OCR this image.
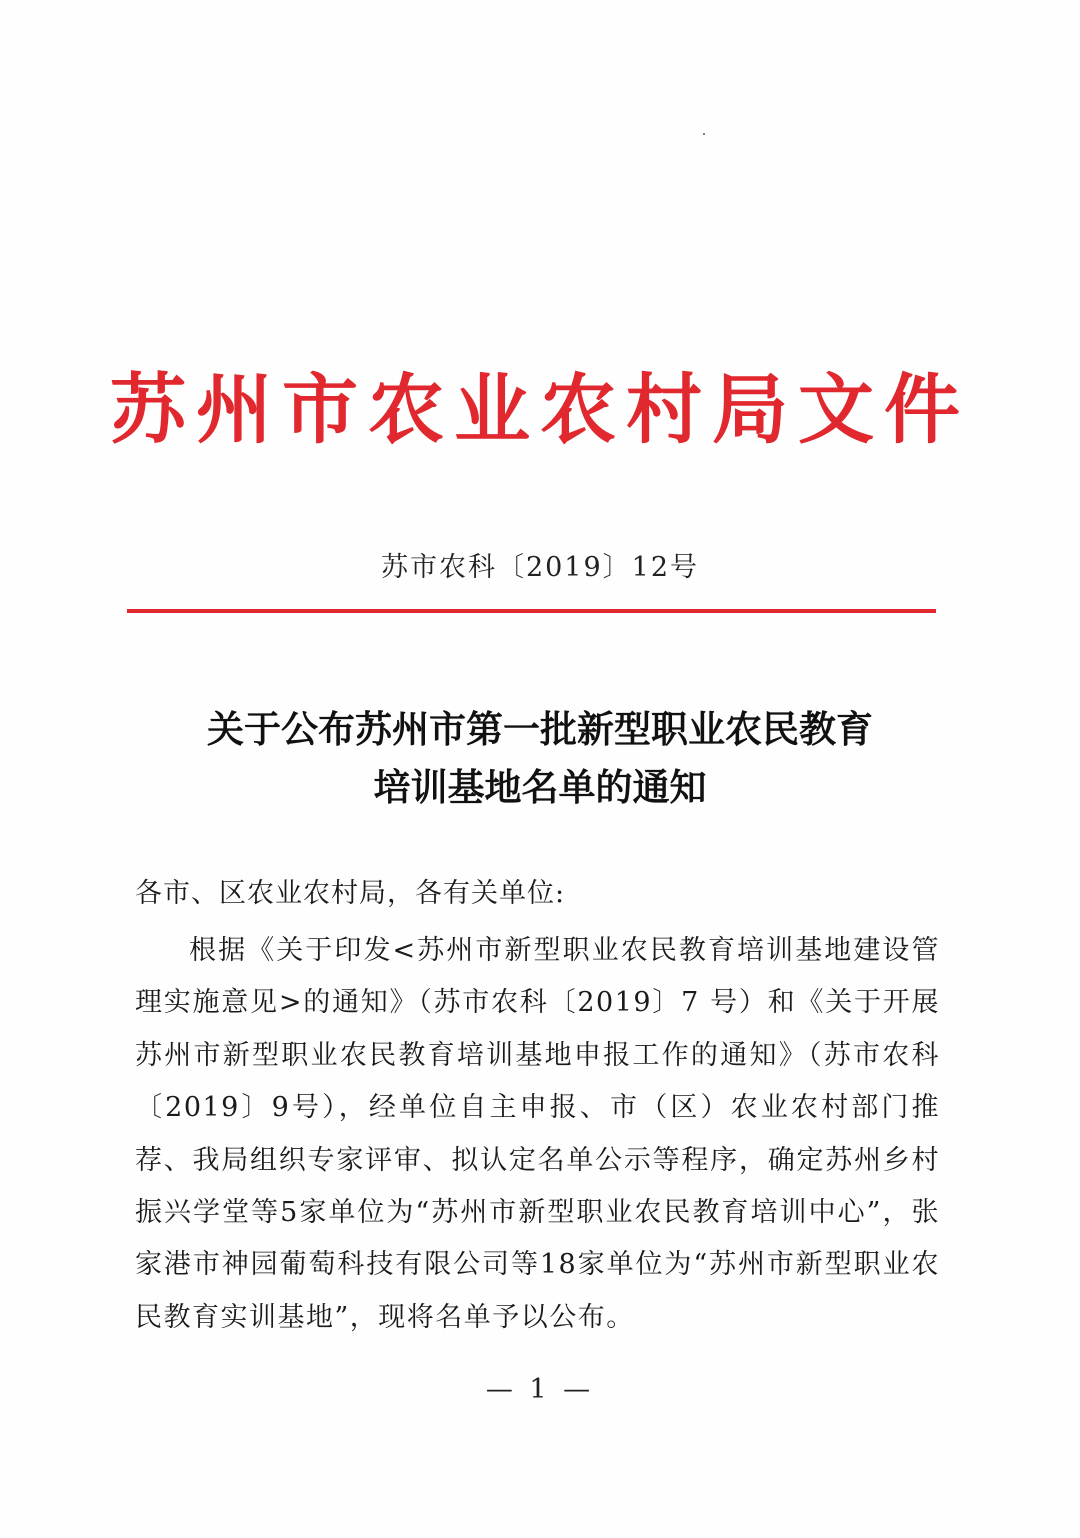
苏州市农业农村局文件
苏市农科〔2019〕12号
关于公布苏州市第一批新型职业农民教育
培训基地名单的通知
各市、区农业农村局，各有关单位:
根据《关于印发<苏州市新型职业农民教育培训基地建设管理实施意见>的通知》（苏市农科〔2019〕7 号）和《关于开展苏州市新型职业农民教育培训基地申报工作的通知》（苏市农科〔2019〕9号），经单位自主申报、市（区）农业农村部门推荐、我局组织专家评审、拟认定名单公示等程序，确定苏州乡村振兴学堂等5家单位为“苏州市新型职业农民教育培训中心”，张家港市神园葡萄科技有限公司等18家单位为“苏州市新型职业农民教育实训基地”，现将名单予以公布。
— 1 —
